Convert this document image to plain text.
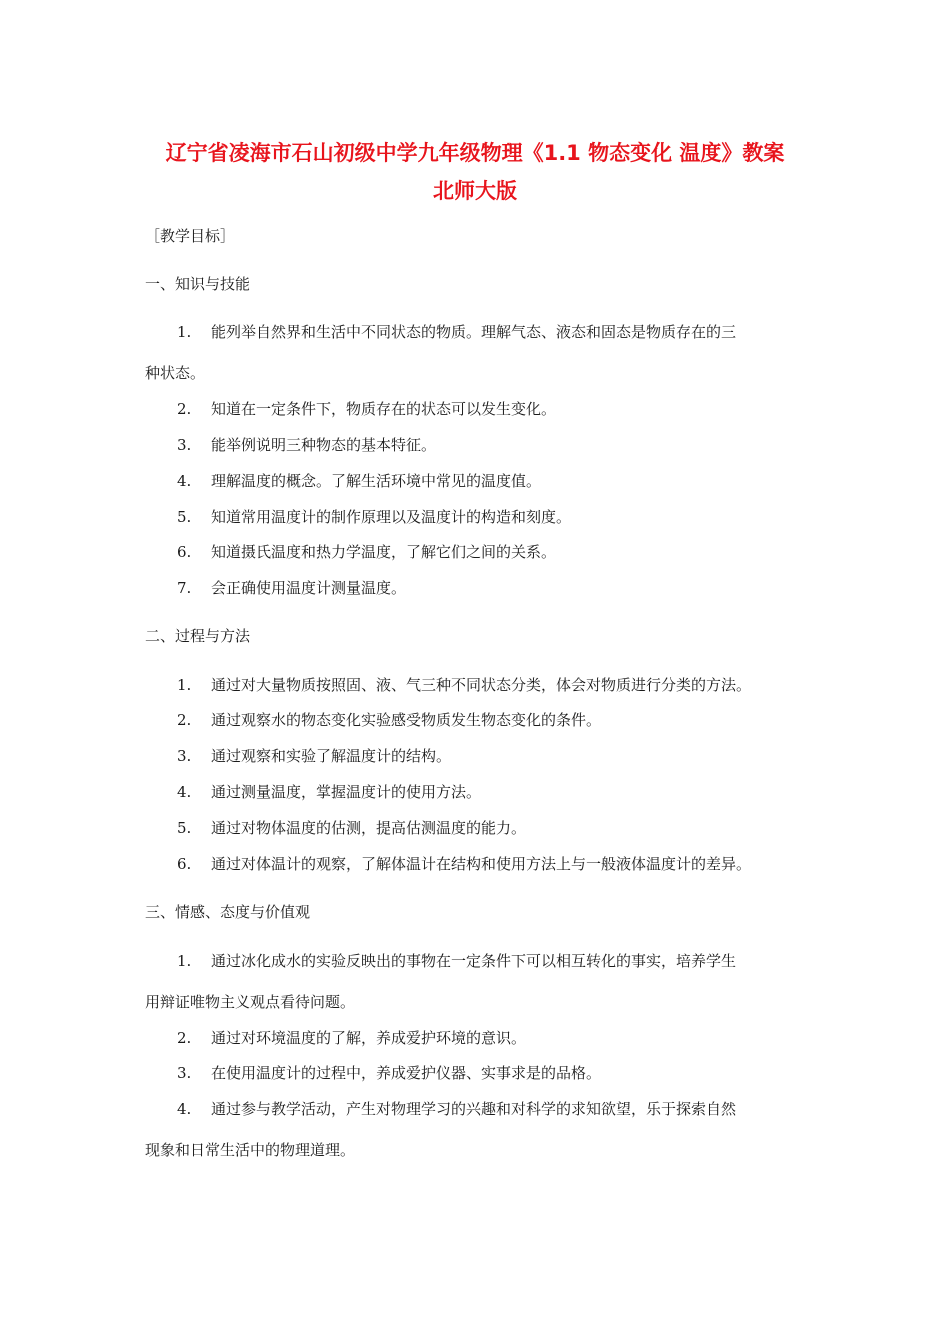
辽宁省凌海市石山初级中学九年级物理《1.1 物态变化 温度》教案
北师大版
［教学目标］
一、知识与技能
1. 能列举自然界和生活中不同状态的物质。理解气态、液态和固态是物质存在的三
种状态。
2. 知道在一定条件下，物质存在的状态可以发生变化。
3. 能举例说明三种物态的基本特征。
4. 理解温度的概念。了解生活环境中常见的温度值。
5. 知道常用温度计的制作原理以及温度计的构造和刻度。
6. 知道摄氏温度和热力学温度，了解它们之间的关系。
7. 会正确使用温度计测量温度。
二、过程与方法
1. 通过对大量物质按照固、液、气三种不同状态分类，体会对物质进行分类的方法。
2. 通过观察水的物态变化实验感受物质发生物态变化的条件。
3. 通过观察和实验了解温度计的结构。
4. 通过测量温度，掌握温度计的使用方法。
5. 通过对物体温度的估测，提高估测温度的能力。
6. 通过对体温计的观察，了解体温计在结构和使用方法上与一般液体温度计的差异。
三、情感、态度与价值观
1. 通过冰化成水的实验反映出的事物在一定条件下可以相互转化的事实，培养学生
用辩证唯物主义观点看待问题。
2. 通过对环境温度的了解，养成爱护环境的意识。
3. 在使用温度计的过程中，养成爱护仪器、实事求是的品格。
4. 通过参与教学活动，产生对物理学习的兴趣和对科学的求知欲望，乐于探索自然
现象和日常生活中的物理道理。
